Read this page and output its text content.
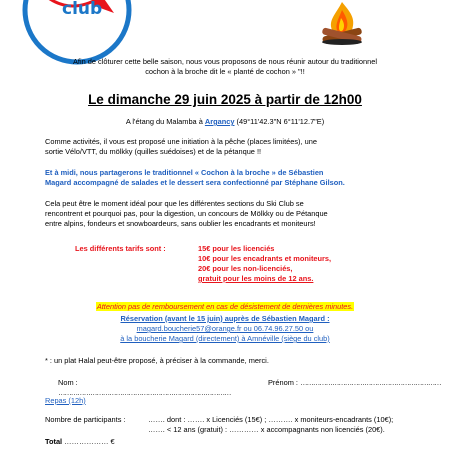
club
Afin de clôturer cette belle saison, nous vous proposons de nous réunir autour du traditionnel
cochon à la broche dit le « planté de cochon » "!!
Le dimanche 29 juin 2025 à partir de 12h00
A l'étang du Malamba à Argancy (49°11'42.3"N 6°11'12.7"E)
Comme activités, il vous est proposé une initiation à la pêche (places limitées), une
sortie Vélo/VTT, du mölkky (quilles suédoises) et de la pétanque !!
Et à midi, nous partagerons le traditionnel « Cochon à la broche » de Sébastien
Magard accompagné de salades et le dessert sera confectionné par Stéphane Gilson.
Cela peut être le moment idéal pour que les différentes sections du Ski Club se
rencontrent et pourquoi pas, pour la digestion, un concours de Mölkky ou de Pétanque
entre alpins, fondeurs et snowboardeurs, sans oublier les encadrants et moniteurs!
Les différents tarifs sont :	15€ pour les licenciés
10€ pour les encadrants et moniteurs,
20€ pour les non-licenciés,
gratuit pour les moins de 12 ans.
Attention pas de remboursement en cas de désistement de dernières minutes.
Réservation (avant le 15 juin) auprès de Sébastien Magard :
magard.boucherie57@orange.fr ou 06.74.96.27.50 ou
à la boucherie Magard (directement) à Amnéville (siège du club)
* : un plat Halal peut-être proposé, à préciser à la commande, merci.
Nom : ………………………………………………………………………
Prénom : …………………………………………………………
Repas (12h)
Nombre de participants :	……. dont : ……. x Licenciés (15€) ; ………. x moniteurs-encadrants (10€);
……. < 12 ans (gratuit) : ………… x accompagnants non licenciés (20€).
Total ……………… €
